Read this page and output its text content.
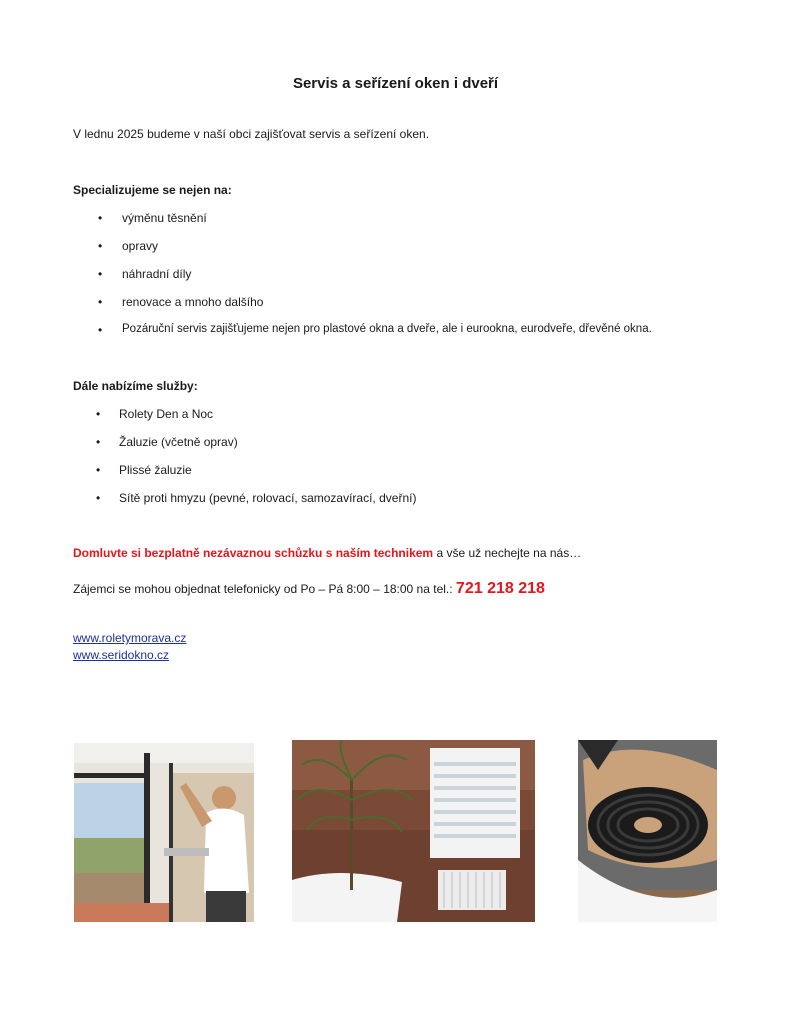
Servis a seřízení oken i dveří
V lednu 2025 budeme v naší obci zajišťovat servis a seřízení oken.
Specializujeme se nejen na:
• výměnu těsnění
• opravy
• náhradní díly
• renovace a mnoho dalšího
• Pozáruční servis zajišťujeme nejen pro plastové okna a dveře, ale i eurookna, eurodveře, dřevěné okna.
Dále nabízíme služby:
• Rolety Den a Noc
• Žaluzie (včetně oprav)
• Plissé žaluzie
• Sítě proti hmyzu (pevné, rolovací, samozavírací, dveřní)
Domluvte si bezplatně nezávaznou schůzku s naším technikem a vše už nechejte na nás…
Zájemci se mohou objednat telefonicky od Po – Pá 8:00 – 18:00 na tel.: 721 218 218
www.roletymorava.cz
www.seridokno.cz
